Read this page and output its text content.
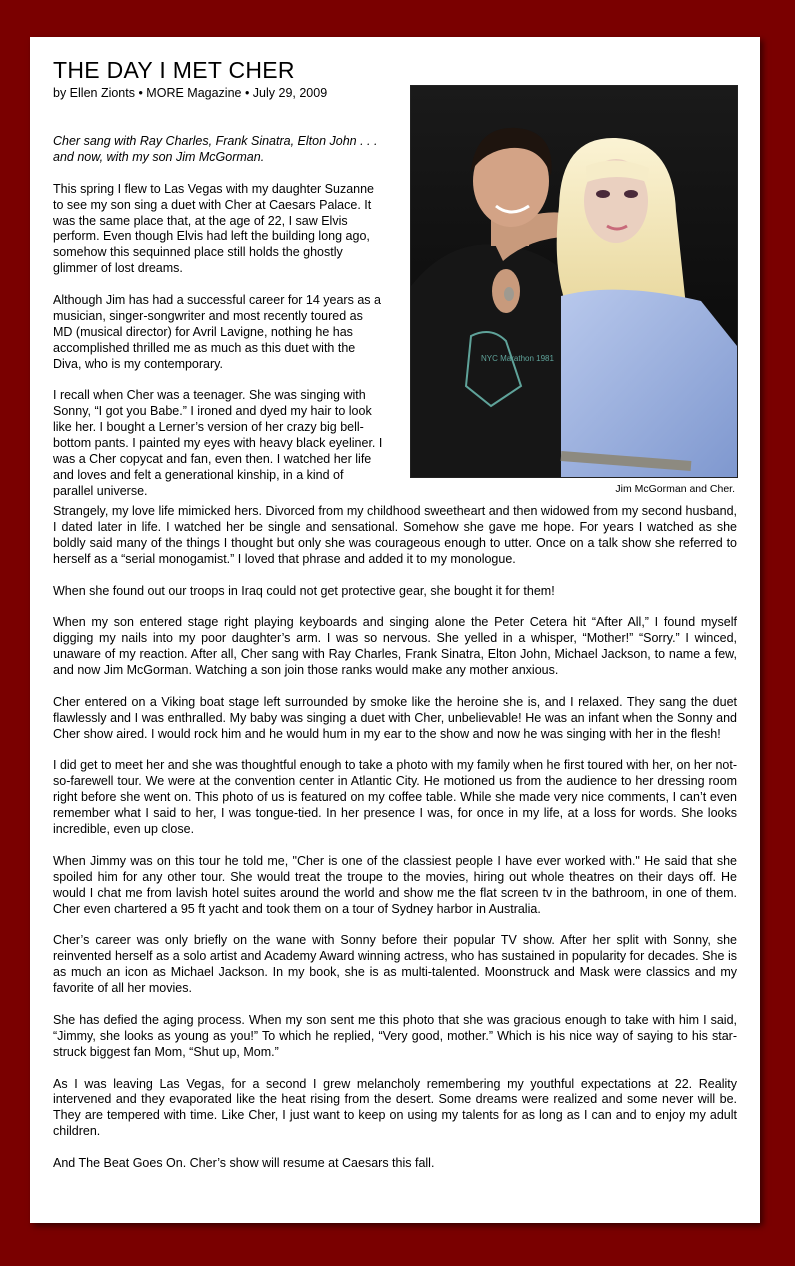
THE DAY I MET CHER
by Ellen Zionts • MORE Magazine • July 29, 2009
NYC Marathon 1981
Jim McGorman and Cher.

Cher sang with Ray Charles, Frank Sinatra, Elton John . . . and now, with my son Jim McGorman.

This spring I flew to Las Vegas with my daughter Suzanne to see my son sing a duet with Cher at Caesars Palace. It was the same place that, at the age of 22, I saw Elvis perform. Even though Elvis had left the building long ago, somehow this sequinned place still holds the ghostly glimmer of lost dreams.

Although Jim has had a successful career for 14 years as a musician, singer-songwriter and most recently toured as MD (musical director) for Avril Lavigne, nothing he has accomplished thrilled me as much as this duet with the Diva, who is my contemporary.

I recall when Cher was a teenager. She was singing with Sonny, “I got you Babe.” I ironed and dyed my hair to look like her. I bought a Lerner’s version of her crazy big bell-bottom pants. I painted my eyes with heavy black eyeliner. I was a Cher copycat and fan, even then. I watched her life and loves and felt a generational kinship, in a kind of parallel universe.

Strangely, my love life mimicked hers. Divorced from my childhood sweetheart and then widowed from my second husband, I dated later in life. I watched her be single and sensational. Somehow she gave me hope. For years I watched as she boldly said many of the things I thought but only she was courageous enough to utter. Once on a talk show she referred to herself as a “serial monogamist.” I loved that phrase and added it to my monologue.

When she found out our troops in Iraq could not get protective gear, she bought it for them!

When my son entered stage right playing keyboards and singing alone the Peter Cetera hit “After All,” I found myself digging my nails into my poor daughter’s arm. I was so nervous. She yelled in a whisper, “Mother!” “Sorry.” I winced, unaware of my reaction. After all, Cher sang with Ray Charles, Frank Sinatra, Elton John, Michael Jackson, to name a few, and now Jim McGorman. Watching a son join those ranks would make any mother anxious.

Cher entered on a Viking boat stage left surrounded by smoke like the heroine she is, and I relaxed. They sang the duet flawlessly and I was enthralled. My baby was singing a duet with Cher, unbelievable! He was an infant when the Sonny and Cher show aired. I would rock him and he would hum in my ear to the show and now he was singing with her in the flesh!

I did get to meet her and she was thoughtful enough to take a photo with my family when he first toured with her, on her not-so-farewell tour. We were at the convention center in Atlantic City. He motioned us from the audience to her dressing room right before she went on. This photo of us is featured on my coffee table. While she made very nice comments, I can’t even remember what I said to her, I was tongue-tied. In her presence I was, for once in my life, at a loss for words. She looks incredible, even up close.

When Jimmy was on this tour he told me, "Cher is one of the classiest people I have ever worked with." He said that she spoiled him for any other tour. She would treat the troupe to the movies, hiring out whole theatres on their days off. He would I chat me from lavish hotel suites around the world and show me the flat screen tv in the bathroom, in one of them. Cher even chartered a 95 ft yacht and took them on a tour of Sydney harbor in Australia.

Cher’s career was only briefly on the wane with Sonny before their popular TV show. After her split with Sonny, she reinvented herself as a solo artist and Academy Award winning actress, who has sustained in popularity for decades. She is as much an icon as Michael Jackson. In my book, she is as multi-talented. Moonstruck and Mask were classics and my favorite of all her movies.

She has defied the aging process. When my son sent me this photo that she was gracious enough to take with him I said, “Jimmy, she looks as young as you!” To which he replied, “Very good, mother.” Which is his nice way of saying to his star-struck biggest fan Mom, “Shut up, Mom.”

As I was leaving Las Vegas, for a second I grew melancholy remembering my youthful expectations at 22. Reality intervened and they evaporated like the heat rising from the desert. Some dreams were realized and some never will be. They are tempered with time. Like Cher, I just want to keep on using my talents for as long as I can and to enjoy my adult children.

And The Beat Goes On. Cher’s show will resume at Caesars this fall.
